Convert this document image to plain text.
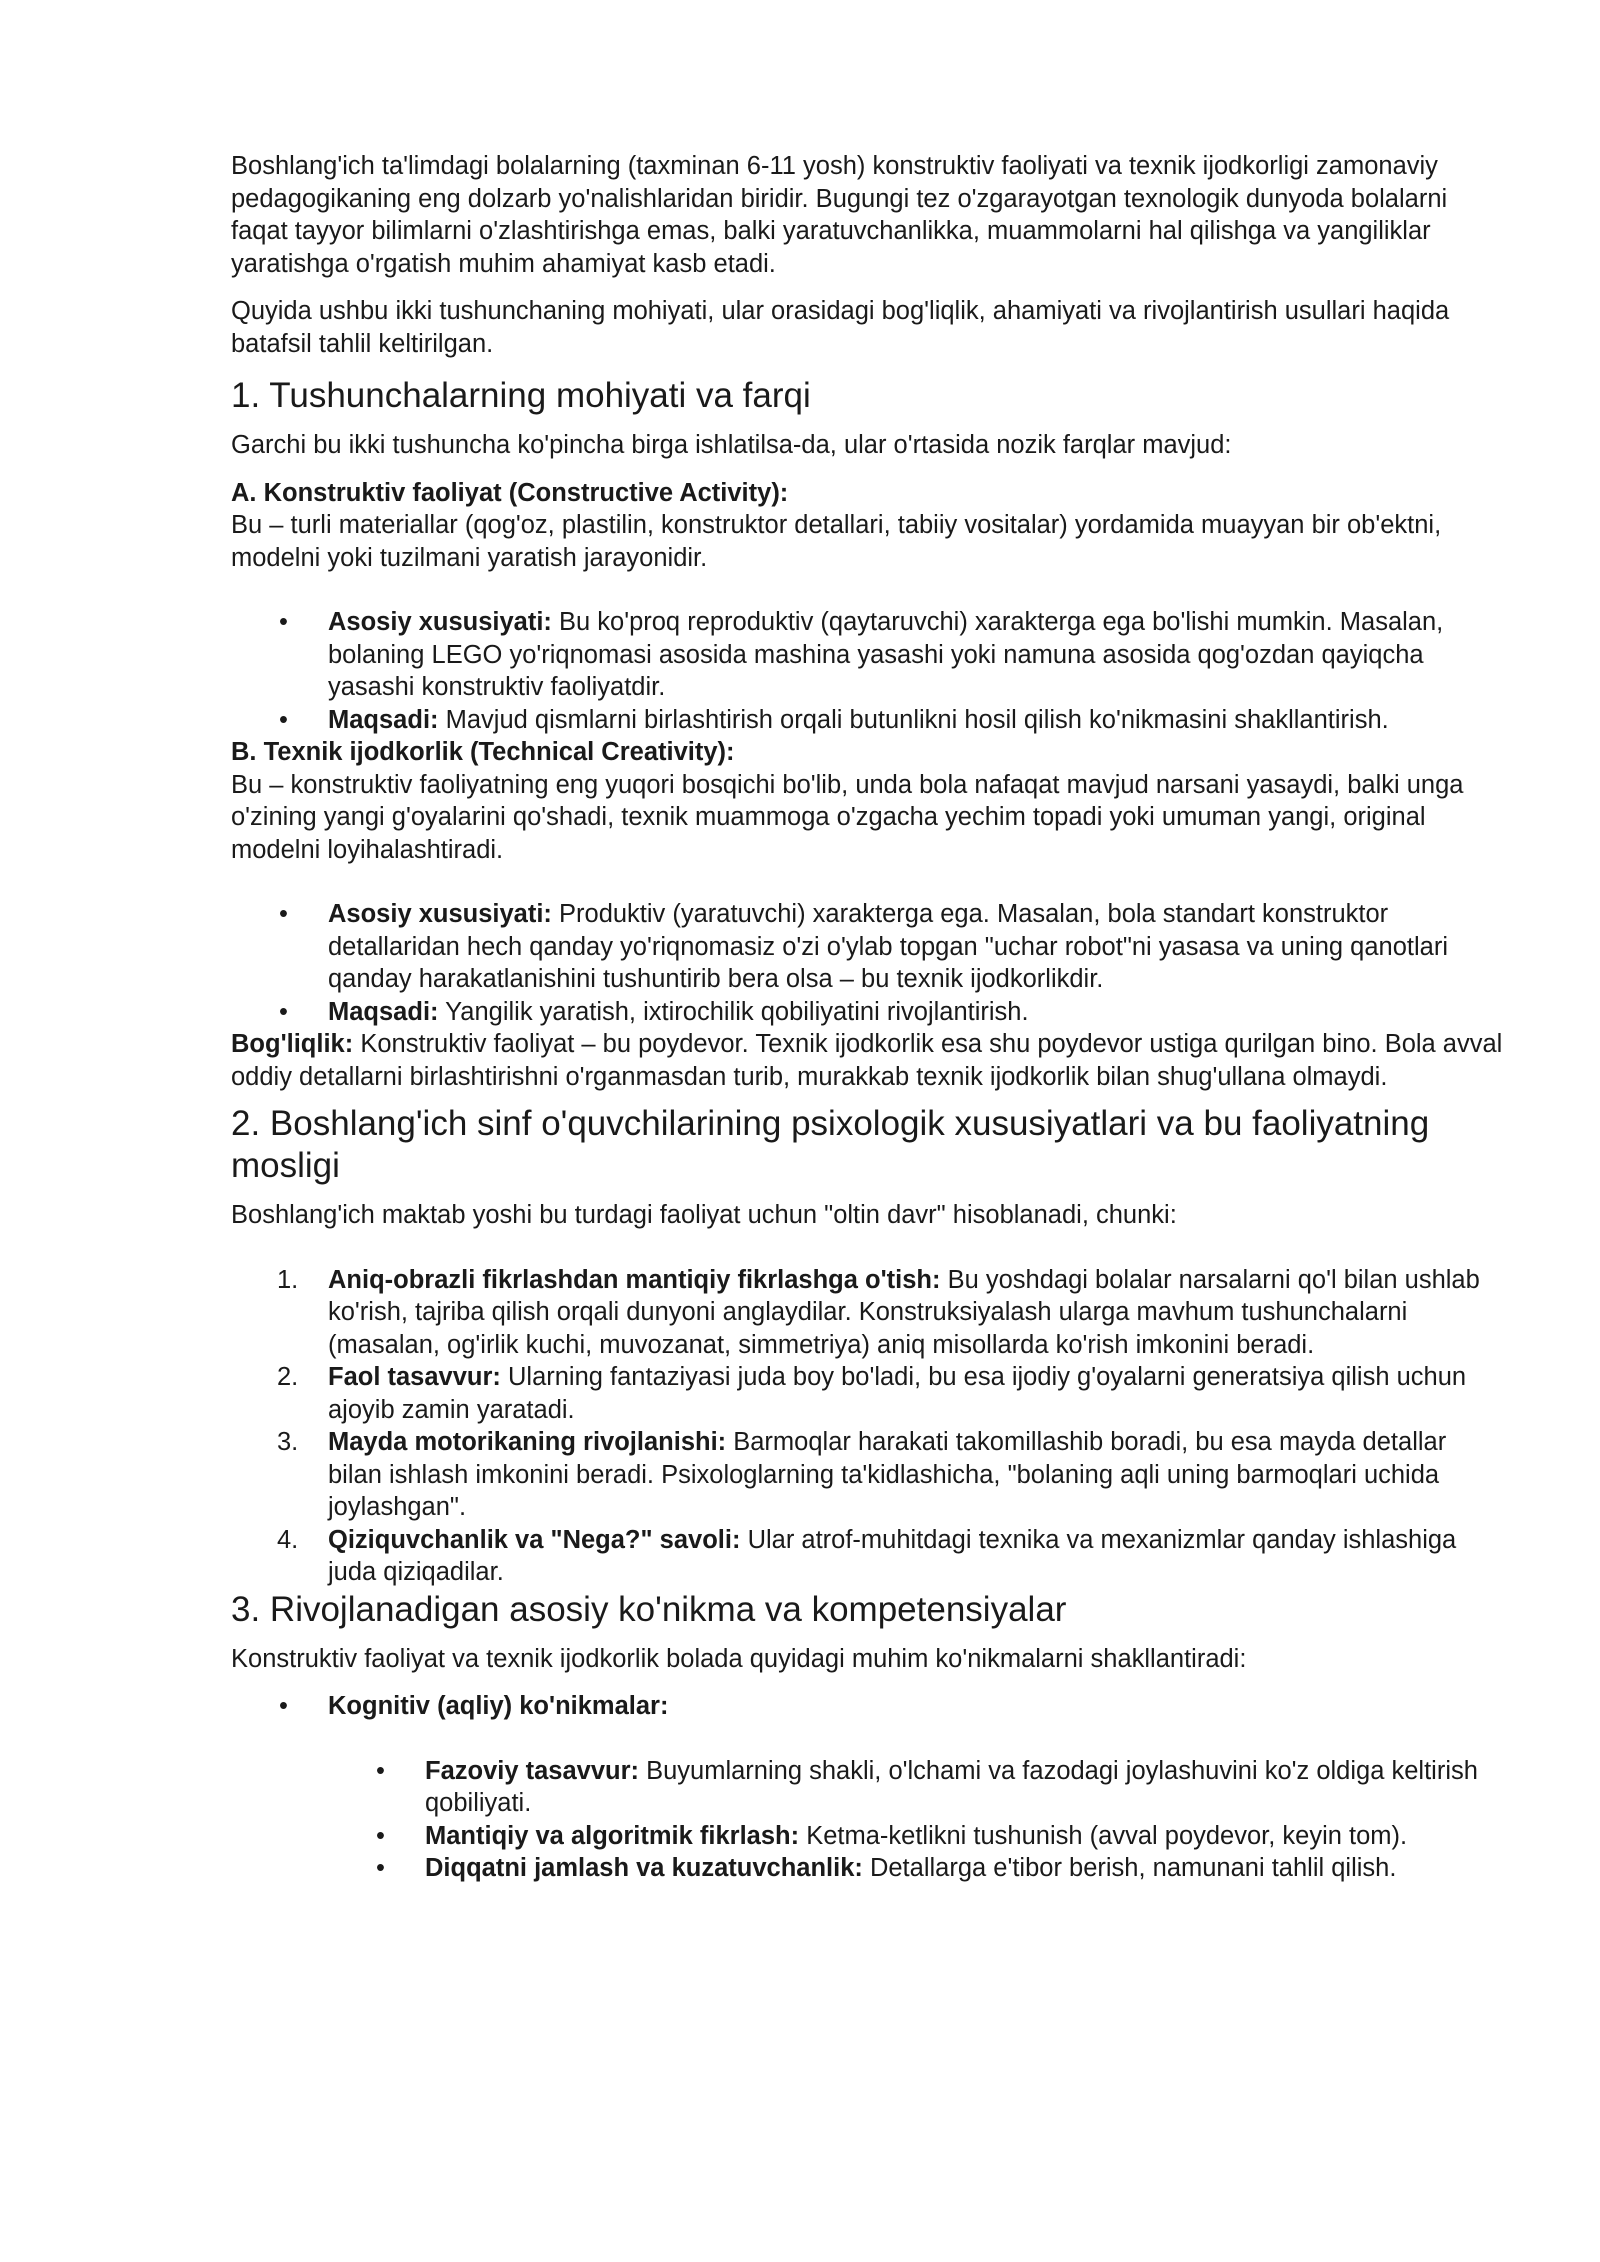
Boshlang'ich ta'limdagi bolalarning (taxminan 6-11 yosh) konstruktiv faoliyati va texnik ijodkorligi zamonaviy pedagogikaning eng dolzarb yo'nalishlaridan biridir. Bugungi tez o'zgarayotgan texnologik dunyoda bolalarni faqat tayyor bilimlarni o'zlashtirishga emas, balki yaratuvchanlikka, muammolarni hal qilishga va yangiliklar yaratishga o'rgatish muhim ahamiyat kasb etadi.

Quyida ushbu ikki tushunchaning mohiyati, ular orasidagi bog'liqlik, ahamiyati va rivojlantirish usullari haqida batafsil tahlil keltirilgan.

1. Tushunchalarning mohiyati va farqi

Garchi bu ikki tushuncha ko'pincha birga ishlatilsa-da, ular o'rtasida nozik farqlar mavjud:

A. Konstruktiv faoliyat (Constructive Activity):

Bu – turli materiallar (qog'oz, plastilin, konstruktor detallari, tabiiy vositalar) yordamida muayyan bir ob'ektni, modelni yoki tuzilmani yaratish jarayonidir.

•	Asosiy xususiyati: Bu ko'proq reproduktiv (qaytaruvchi) xarakterga ega bo'lishi mumkin. Masalan, bolaning LEGO yo'riqnomasi asosida mashina yasashi yoki namuna asosida qog'ozdan qayiqcha yasashi konstruktiv faoliyatdir.
•	Maqsadi: Mavjud qismlarni birlashtirish orqali butunlikni hosil qilish ko'nikmasini shakllantirish.

B. Texnik ijodkorlik (Technical Creativity):

Bu – konstruktiv faoliyatning eng yuqori bosqichi bo'lib, unda bola nafaqat mavjud narsani yasaydi, balki unga o'zining yangi g'oyalarini qo'shadi, texnik muammoga o'zgacha yechim topadi yoki umuman yangi, original modelni loyihalashtiradi.

•	Asosiy xususiyati: Produktiv (yaratuvchi) xarakterga ega. Masalan, bola standart konstruktor detallaridan hech qanday yo'riqnomasiz o'zi o'ylab topgan "uchar robot"ni yasasa va uning qanotlari qanday harakatlanishini tushuntirib bera olsa – bu texnik ijodkorlikdir.
•	Maqsadi: Yangilik yaratish, ixtirochilik qobiliyatini rivojlantirish.

Bog'liqlik: Konstruktiv faoliyat – bu poydevor. Texnik ijodkorlik esa shu poydevor ustiga qurilgan bino. Bola avval oddiy detallarni birlashtirishni o'rganmasdan turib, murakkab texnik ijodkorlik bilan shug'ullana olmaydi.

2. Boshlang'ich sinf o'quvchilarining psixologik xususiyatlari va bu faoliyatning mosligi

Boshlang'ich maktab yoshi bu turdagi faoliyat uchun "oltin davr" hisoblanadi, chunki:

1. Aniq-obrazli fikrlashdan mantiqiy fikrlashga o'tish: Bu yoshdagi bolalar narsalarni qo'l bilan ushlab ko'rish, tajriba qilish orqali dunyoni anglaydilar. Konstruksiyalash ularga mavhum tushunchalarni (masalan, og'irlik kuchi, muvozanat, simmetriya) aniq misollarda ko'rish imkonini beradi.
2. Faol tasavvur: Ularning fantaziyasi juda boy bo'ladi, bu esa ijodiy g'oyalarni generatsiya qilish uchun ajoyib zamin yaratadi.
3. Mayda motorikaning rivojlanishi: Barmoqlar harakati takomillashib boradi, bu esa mayda detallar bilan ishlash imkonini beradi. Psixologlarning ta'kidlashicha, "bolaning aqli uning barmoqlari uchida joylashgan".
4. Qiziquvchanlik va "Nega?" savoli: Ular atrof-muhitdagi texnika va mexanizmlar qanday ishlashiga juda qiziqadilar.
3. Rivojlanadigan asosiy ko'nikma va kompetensiyalar

Konstruktiv faoliyat va texnik ijodkorlik bolada quyidagi muhim ko'nikmalarni shakllantiradi:

•	Kognitiv (aqliy) ko'nikmalar:
•	Fazoviy tasavvur: Buyumlarning shakli, o'lchami va fazodagi joylashuvini ko'z oldiga keltirish qobiliyati.
•	Mantiqiy va algoritmik fikrlash: Ketma-ketlikni tushunish (avval poydevor, keyin tom).
•	Diqqatni jamlash va kuzatuvchanlik: Detallarga e'tibor berish, namunani tahlil qilish.
